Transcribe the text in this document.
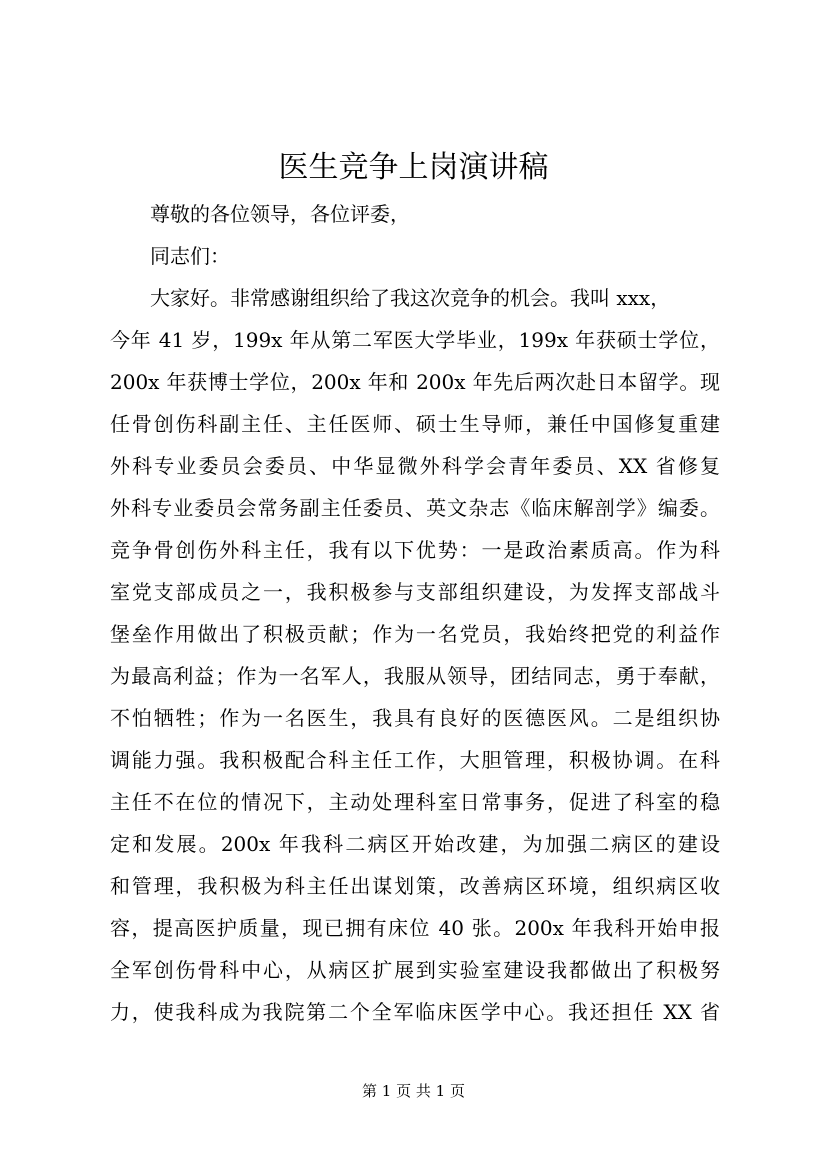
医生竞争上岗演讲稿
尊敬的各位领导，各位评委，
同志们：
大家好。非常感谢组织给了我这次竞争的机会。我叫 xxx，
今年 41 岁，199x 年从第二军医大学毕业，199x 年获硕士学位，
200x 年获博士学位，200x 年和 200x 年先后两次赴日本留学。现
任骨创伤科副主任、主任医师、硕士生导师，兼任中国修复重建
外科专业委员会委员、中华显微外科学会青年委员、XX 省修复
外科专业委员会常务副主任委员、英文杂志《临床解剖学》编委。
竞争骨创伤外科主任，我有以下优势：一是政治素质高。作为科
室党支部成员之一，我积极参与支部组织建设，为发挥支部战斗
堡垒作用做出了积极贡献；作为一名党员，我始终把党的利益作
为最高利益；作为一名军人，我服从领导，团结同志，勇于奉献，
不怕牺牲；作为一名医生，我具有良好的医德医风。二是组织协
调能力强。我积极配合科主任工作，大胆管理，积极协调。在科
主任不在位的情况下，主动处理科室日常事务，促进了科室的稳
定和发展。200x 年我科二病区开始改建，为加强二病区的建设
和管理，我积极为科主任出谋划策，改善病区环境，组织病区收
容，提高医护质量，现已拥有床位 40 张。200x 年我科开始申报
全军创伤骨科中心，从病区扩展到实验室建设我都做出了积极努
力，使我科成为我院第二个全军临床医学中心。我还担任 XX 省
第 1 页 共 1 页
